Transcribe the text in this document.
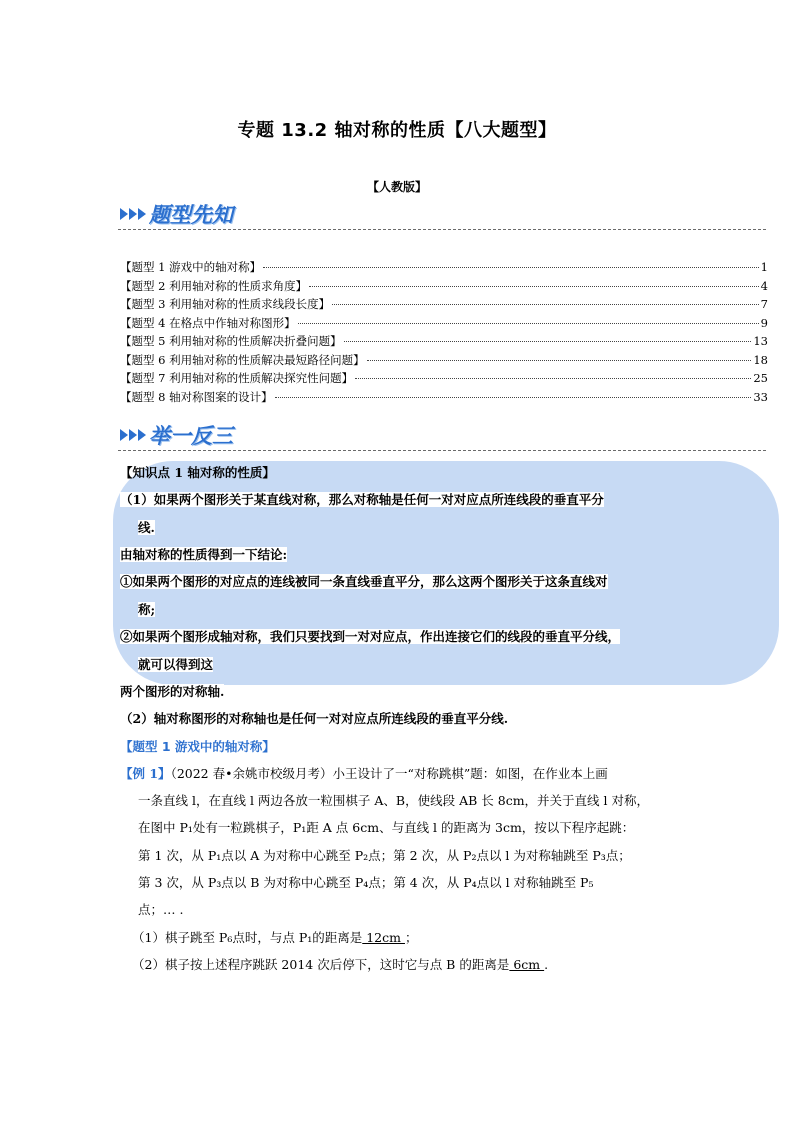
专题 13.2 轴对称的性质【八大题型】
【人教版】
题型先知
【题型 1 游戏中的轴对称】	1
【题型 2 利用轴对称的性质求角度】	4
【题型 3 利用轴对称的性质求线段长度】	7
【题型 4 在格点中作轴对称图形】	9
【题型 5 利用轴对称的性质解决折叠问题】	13
【题型 6 利用轴对称的性质解决最短路径问题】	18
【题型 7 利用轴对称的性质解决探究性问题】	25
【题型 8 轴对称图案的设计】	33
举一反三
【知识点 1 轴对称的性质】
（1）如果两个图形关于某直线对称，那么对称轴是任何一对对应点所连线段的垂直平分
线.
由轴对称的性质得到一下结论:
①如果两个图形的对应点的连线被同一条直线垂直平分，那么这两个图形关于这条直线对
称;
②如果两个图形成轴对称，我们只要找到一对对应点，作出连接它们的线段的垂直平分线，
就可以得到这
两个图形的对称轴.
（2）轴对称图形的对称轴也是任何一对对应点所连线段的垂直平分线.
【题型 1 游戏中的轴对称】
【例 1】（2022 春•余姚市校级月考）小王设计了一“对称跳棋”题：如图，在作业本上画
一条直线 l，在直线 l 两边各放一粒围棋子 A、B，使线段 AB 长 8cm，并关于直线 l 对称，
在图中 P₁处有一粒跳棋子，P₁距 A 点 6cm、与直线 l 的距离为 3cm，按以下程序起跳：
第 1 次，从 P₁点以 A 为对称中心跳至 P₂点；第 2 次，从 P₂点以 l 为对称轴跳至 P₃点；
第 3 次，从 P₃点以 B 为对称中心跳至 P₄点；第 4 次，从 P₄点以 l 对称轴跳至 P₅
点；… .
（1）棋子跳至 P₆点时，与点 P₁的距离是 12cm ；
（2）棋子按上述程序跳跃 2014 次后停下，这时它与点 B 的距离是 6cm .
